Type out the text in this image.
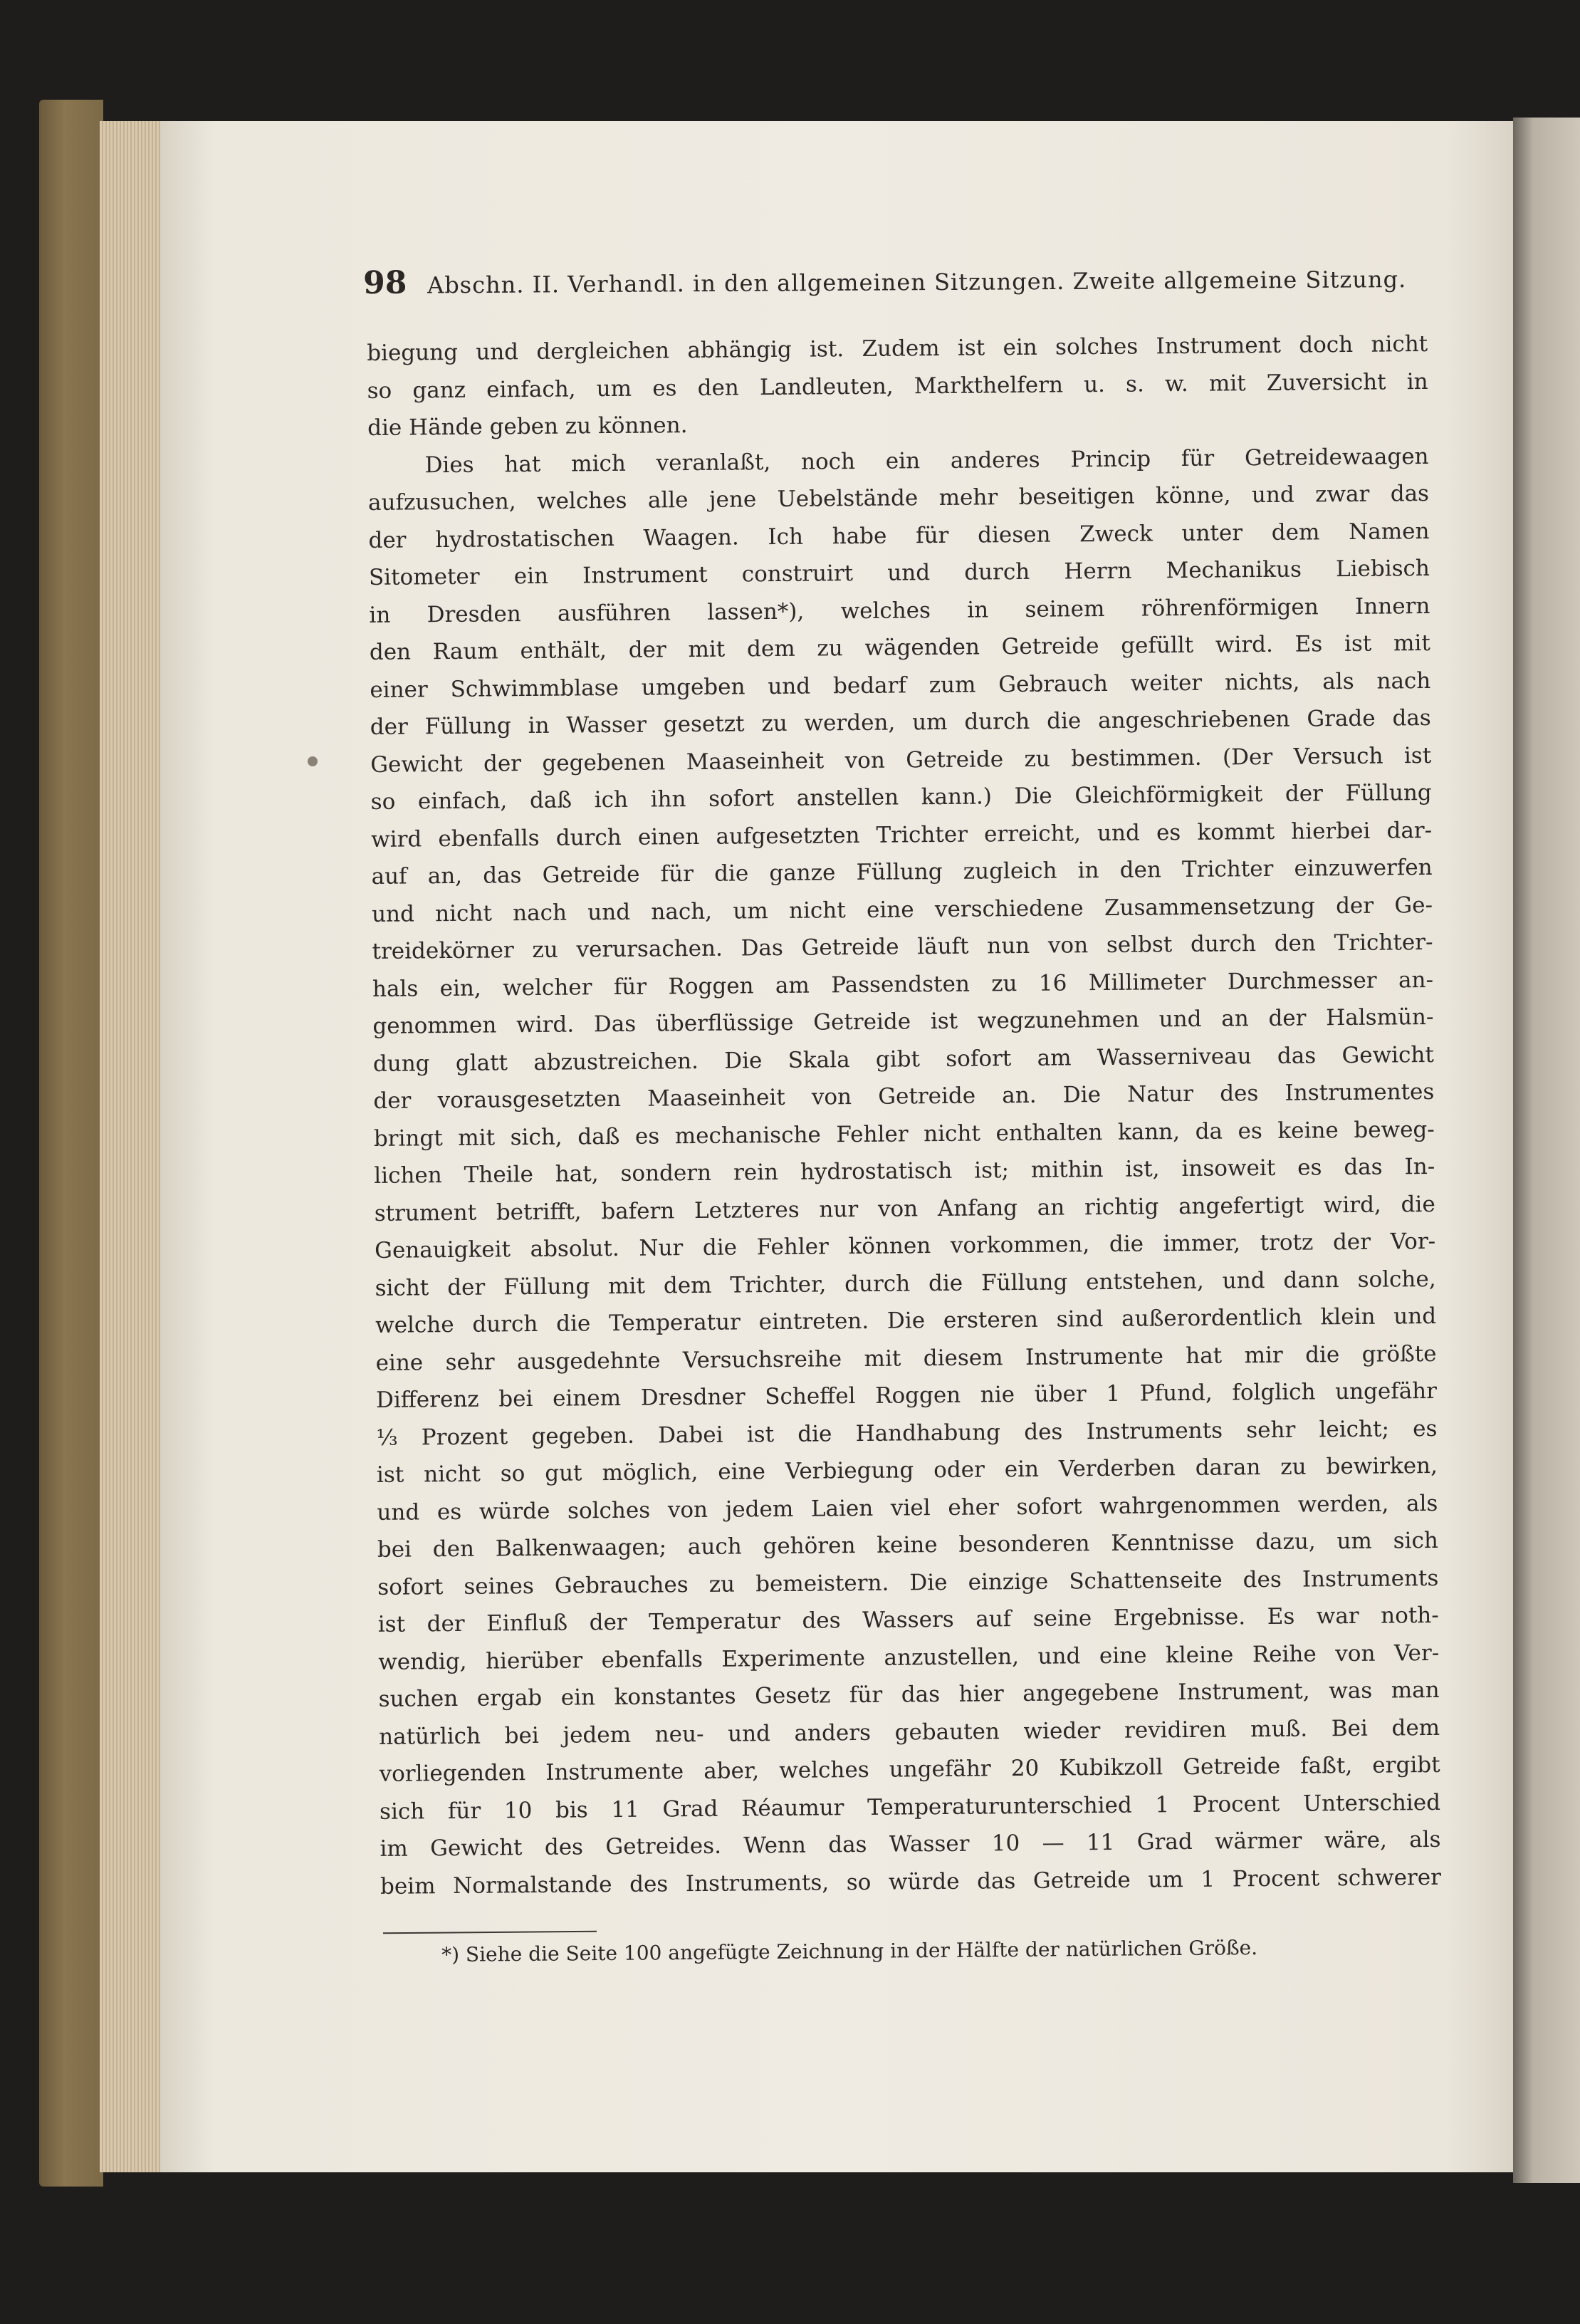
98 Abschn. II. Verhandl. in den allgemeinen Sitzungen. Zweite allgemeine Sitzung.
biegung und dergleichen abhängig ist. Zudem ist ein solches Instrument doch nicht
so ganz einfach, um es den Landleuten, Markthelfern u. s. w. mit Zuversicht in
die Hände geben zu können.
Dies hat mich veranlaßt, noch ein anderes Princip für Getreidewaagen
aufzusuchen, welches alle jene Uebelstände mehr beseitigen könne, und zwar das
der hydrostatischen Waagen. Ich habe für diesen Zweck unter dem Namen
Sitometer ein Instrument construirt und durch Herrn Mechanikus Liebisch
in Dresden ausführen lassen*), welches in seinem röhrenförmigen Innern
den Raum enthält, der mit dem zu wägenden Getreide gefüllt wird. Es ist mit
einer Schwimmblase umgeben und bedarf zum Gebrauch weiter nichts, als nach
der Füllung in Wasser gesetzt zu werden, um durch die angeschriebenen Grade das
Gewicht der gegebenen Maaseinheit von Getreide zu bestimmen. (Der Versuch ist
so einfach, daß ich ihn sofort anstellen kann.) Die Gleichförmigkeit der Füllung
wird ebenfalls durch einen aufgesetzten Trichter erreicht, und es kommt hierbei dar-
auf an, das Getreide für die ganze Füllung zugleich in den Trichter einzuwerfen
und nicht nach und nach, um nicht eine verschiedene Zusammensetzung der Ge-
treidekörner zu verursachen. Das Getreide läuft nun von selbst durch den Trichter-
hals ein, welcher für Roggen am Passendsten zu 16 Millimeter Durchmesser an-
genommen wird. Das überflüssige Getreide ist wegzunehmen und an der Halsmün-
dung glatt abzustreichen. Die Skala gibt sofort am Wasserniveau das Gewicht
der vorausgesetzten Maaseinheit von Getreide an. Die Natur des Instrumentes
bringt mit sich, daß es mechanische Fehler nicht enthalten kann, da es keine beweg-
lichen Theile hat, sondern rein hydrostatisch ist; mithin ist, insoweit es das In-
strument betrifft, bafern Letzteres nur von Anfang an richtig angefertigt wird, die
Genauigkeit absolut. Nur die Fehler können vorkommen, die immer, trotz der Vor-
sicht der Füllung mit dem Trichter, durch die Füllung entstehen, und dann solche,
welche durch die Temperatur eintreten. Die ersteren sind außerordentlich klein und
eine sehr ausgedehnte Versuchsreihe mit diesem Instrumente hat mir die größte
Differenz bei einem Dresdner Scheffel Roggen nie über 1 Pfund, folglich ungefähr
⅓ Prozent gegeben. Dabei ist die Handhabung des Instruments sehr leicht; es
ist nicht so gut möglich, eine Verbiegung oder ein Verderben daran zu bewirken,
und es würde solches von jedem Laien viel eher sofort wahrgenommen werden, als
bei den Balkenwaagen; auch gehören keine besonderen Kenntnisse dazu, um sich
sofort seines Gebrauches zu bemeistern. Die einzige Schattenseite des Instruments
ist der Einfluß der Temperatur des Wassers auf seine Ergebnisse. Es war noth-
wendig, hierüber ebenfalls Experimente anzustellen, und eine kleine Reihe von Ver-
suchen ergab ein konstantes Gesetz für das hier angegebene Instrument, was man
natürlich bei jedem neu- und anders gebauten wieder revidiren muß. Bei dem
vorliegenden Instrumente aber, welches ungefähr 20 Kubikzoll Getreide faßt, ergibt
sich für 10 bis 11 Grad Réaumur Temperaturunterschied 1 Procent Unterschied
im Gewicht des Getreides. Wenn das Wasser 10 — 11 Grad wärmer wäre, als
beim Normalstande des Instruments, so würde das Getreide um 1 Procent schwerer
*) Siehe die Seite 100 angefügte Zeichnung in der Hälfte der natürlichen Größe.
